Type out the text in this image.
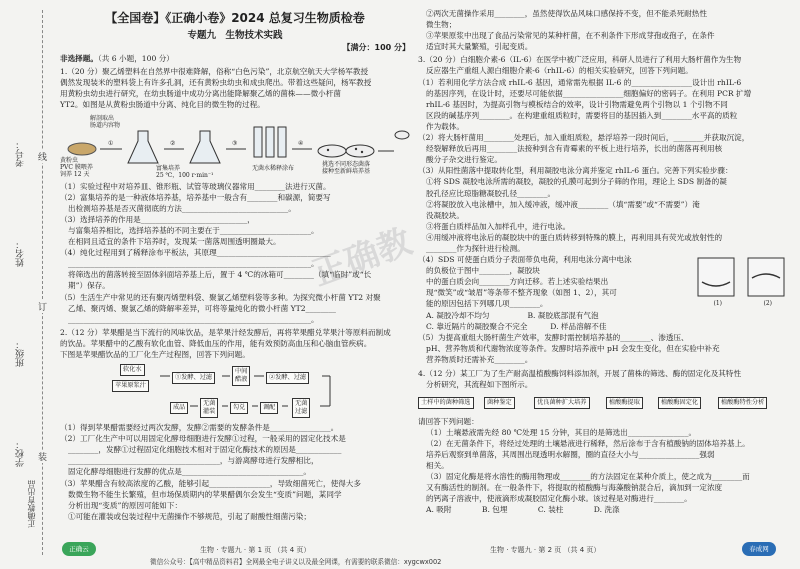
学校：
班级：
姓名：
考号：
正确教育出品
线
订
装
正确教
【全国卷】《正确小卷》2024 总复习生物质检卷
专题九　生物技术实践
【满分：100 分】
非选择题。（共 6 小题，100 分）
1.（20 分）聚乙烯塑料在自然界中很难降解，俗称“白色污染”，北京航空航天大学杨军教授
偶然发现装米的塑料袋上有许多孔洞，还有黄粉虫幼虫和成虫爬出。带着这些疑问，杨军教授
用黄粉虫幼虫进行研究，在幼虫肠道中成功分离出能降解聚乙烯的菌株——微小杆菌
YT2。如图是从黄粉虫肠道中分离、纯化目的微生物的过程。
解剖取出
肠道内容物
黄粉虫
PVC 膜喂养
饲养 12 天
富集培养
25 ℃，100 r·min⁻¹
无菌水稀释涂布
挑选不同形态菌落
接种至新鲜培养基
①	②	③	④
（1）实验过程中对培养皿、锥形瓶、试管等玻璃仪器常用________法进行灭菌。
（2）富集培养的是一种液体培养基，培养基中一般含有________和碳源，简要写
出检测培养基是否灭菌彻底的方法____________________________。
（3）选择培养的作用是____________________________，
与富集培养相比，选择培养基的不同主要在于________________________。
在相同且适宜的条件下培养时，发现某一菌落周围透明圈最大。
（4）纯化过程用到了稀释涂布平板法，其原理______________________________
________________________________________________________________。
将筛选出的菌落转接至固体斜面培养基上后，置于 4 ℃的冰箱可________（填“临时”或“长
期”）保存。
（5）生活生产中常见的还有聚丙烯塑料袋、聚氯乙烯塑料袋等多种。为探究微小杆菌 YT2 对聚
乙烯、聚丙烯、聚氯乙烯的降解率差异，可将等量纯化的微小杆菌 YT2________
________________________________________________________________。
2.（12 分）苹果醋是当下流行的风味饮品，是苹果汁经发酵后，再将苹果醋兑苹果汁等原料而制成
的饮品。苹果醋中的乙酸有软化血管、降低血压的作用，能有效预防高血压和心脑血管疾病。
下图是苹果醋饮品的工厂化生产过程图，回答下列问题。
软化水
苹果原浆汁
①发酵、过滤
中间
醋液	②发酵、过滤
成品
无菌
灌装
勾兑	调配
无菌
过滤
（1）得到苹果醋需要经过两次发酵，发酵②需要的发酵条件是________________。
（2）工厂化生产中可以用固定化酵母细胞进行发酵①过程，一般采用的固定化技术是
________，发酵①过程固定化细胞技术相对于固定化酶技术的原因是____________
________________________________________，与游离酵母进行发酵相比，
固定化酵母细胞进行发酵的优点是________________________________。
（3）苹果醋含有较高浓度的乙酸，能够引起________________，导致细菌死亡，使得大多
数微生物不能生长繁殖，但市场保质期内的苹果醋偶尔会发生“变质”问题，某同学
分析出现“变质”的原因可能如下：
①可能在灌装或包装过程中无菌操作不够规范，引起了耐酸性细菌污染；
②两次无菌操作采用________，虽然使得饮品风味口感保持不变，但不能杀死耐热性
微生物；
③苹果原浆中出现了食品污染常见的某种杆菌，在不利条件下形成芽孢或孢子，在条件
适宜时其大量繁殖，引起变质。
3.（20 分）白细胞介素-6（IL-6）在医学中被广泛应用，科研人员进行了利用大肠杆菌作为生物
反应器生产重组人源白细胞介素-6（rhIL-6）的相关实验研究，回答下列问题。
（1）若利用化学方法合成 rhIL-6 基因，通常需先根据 IL-6 的________________设计出 rhIL-6
的基因序列，在设计时，还要尽可能依据________________细胞偏好的密码子。在利用 PCR 扩增
rhIL-6 基因时，为提高引物与模板结合的效率，设计引物需避免两个引物以 1 个引物不同
区段的碱基序列________。在构建重组质粒时，需要将目的基因插入到________水平高的质粒
作为载体。
（2）将大肠杆菌用________处理后，加入重组质粒，悬浮培养一段时间后，________并获取沉淀，
经裂解释放后再用________法接种到含有青霉素的平板上进行培养，长出的菌落再利用核
酸分子杂交进行鉴定。
（3）从阳性菌落中提取转化型，利用凝胶电泳分离并鉴定 rhIL-6 蛋白。完善下列实验步骤：
①将 SDS 凝胶电泳所需的凝胶，凝胶的孔膜可起到分子筛的作用，理论上 SDS 制备的凝
胶孔径应比琼脂糖凝胶孔径________。
②将凝胶放入电泳槽中，加入缓冲液，缓冲液________（填“需要”或“不需要”）淹
没凝胶块。
③将蛋白质样品加入加样孔中，进行电泳。
④用缓冲液将电泳后的凝胶块中的蛋白质转移到特殊的膜上，再利用具有荧光或放射性的
________作为探针进行检测。
（4）SDS 可使蛋白质分子表面带负电荷，利用电泳分离中电泳
的负极位于图中________，凝胶块
中的蛋白质会向________方向迁移。若上述实验结果出
现“微笑”或“皱眉”等条带不整齐现象（如图 1、2），其可
能的原因包括下列哪几项________。	(1)	(2)
A. 凝胶冷却不均匀　　　　　	B. 凝胶底部混有气泡
C. 靠近隔片的凝胶聚合不完全　　　	D. 样品溶解不佳
（5）为提高重组大肠杆菌生产效率，发酵时需控制培养基的________、渗透压、
pH、营养物质和代谢物浓度等条件。发酵时培养液中 pH 会发生变化，但在实验中补充
营养物质时还需补充________。
4.（12 分）某工厂为了生产耐高温植酸酶饲料添加剂，开展了菌株的筛选、酶的固定化及其特性
分析研究，其流程如下图所示。
土样中的菌种筛选	菌种鉴定	优良菌种扩大培养	植酸酶提取	植酸酶固定化	植酸酶特性分析
请回答下列问题：
（1）土壤悬液需先经 80 ℃处理 15 分钟，其目的是筛选出________________。
（2）在无菌条件下，将经过处理的土壤悬液进行稀释，然后涂布于含有植酸钠的固体培养基上。
培养后观察到单菌落，其周围出现透明水解圈，圈的直径大小与________________强弱
相关。
（3）固定化酶是将水溶性的酶用物理或________的方法固定在某种介质上，使之成为________而
又有酶活性的制剂。在一般条件下，将提取的植酸酶与海藻酸钠混合后，滴加到一定浓度
的钙离子溶液中，使液滴形成凝胶固定化酶小球。该过程是对酶进行________。
A. 吸附　　　　B. 包埋　　　　C. 装柱　　　　D. 洗涤
正确云	生物 · 专题九 · 第 1 页 （共 4 页）	生物 · 专题九 · 第 2 页 （共 4 页）
微信公众号：【高中精品资料君】全网最全电子讲义以及最全网课，有需要的联系微信：xygcwx002
春成网
